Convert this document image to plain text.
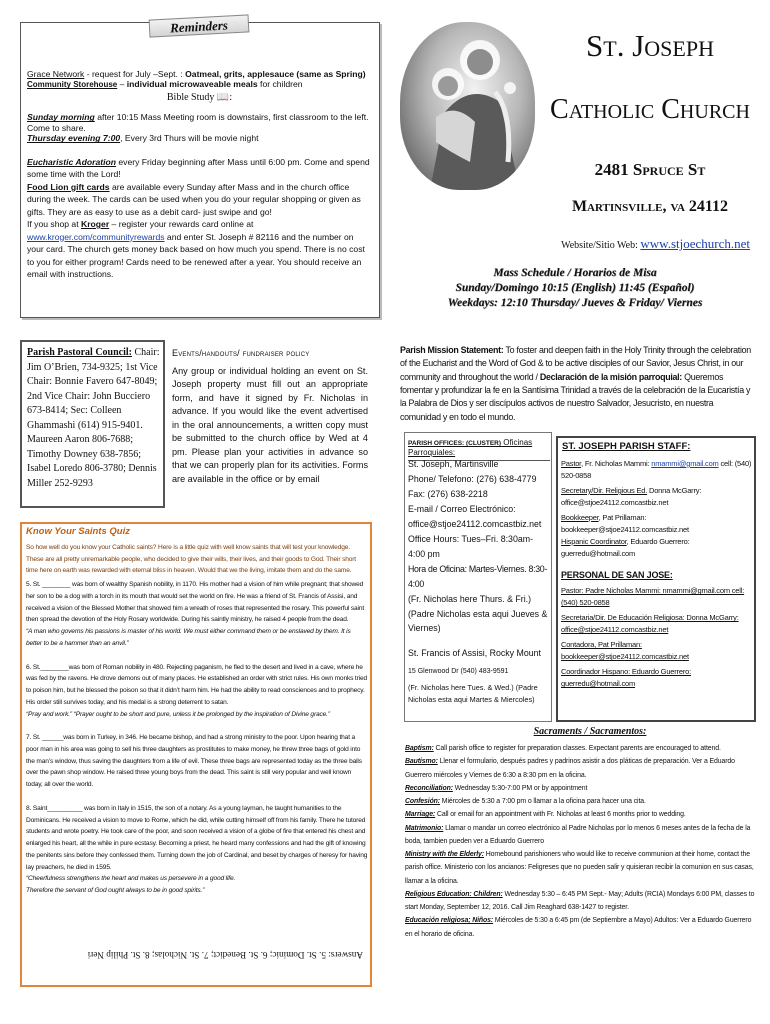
Reminders

Grace Network - request for July –Sept. : Oatmeal, grits, applesauce (same as Spring)

Community Storehouse – individual microwaveable meals for children

Bible Study 📖:

Sunday morning after 10:15 Mass Meeting room is downstairs, first classroom to the left. Come to share.

Thursday evening 7:00, Every 3rd Thurs will be movie night

Eucharistic Adoration every Friday beginning after Mass until 6:00 pm. Come and spend some time with the Lord!

Food Lion gift cards are available every Sunday after Mass and in the church office during the week. The cards can be used when you do your regular shopping or given as gifts. They are as easy to use as a debit card- just swipe and go!

If you shop at Kroger – register your rewards card online at www.kroger.com/communityrewards and enter St. Joseph # 82116 and the number on your card. The church gets money back based on how much you spend. There is no cost to you for either program! Cards need to be renewed after a year. You should receive an email with instructions.

St. Joseph
Catholic Church
2481 Spruce St
Martinsville, va 24112
Website/Sitio Web: www.stjoechurch.net
Mass Schedule / Horarios de Misa
Sunday/Domingo 10:15 (English) 11:45 (Español)
Weekdays: 12:10 Thursday/ Jueves & Friday/ Viernes
Parish Pastoral Council: Chair: Jim O’Brien, 734-9325; 1st Vice Chair: Bonnie Favero 647-8049; 2nd Vice Chair: John Bucciero 673-8414; Sec: Colleen Ghammashi (614) 915-9401. Maureen Aaron 806-7688; Timothy Downey 638-7856; Isabel Loredo 806-3780; Dennis Miller 252-9293
Events/handouts/ fundraiser policy
Any group or individual holding an event on St. Joseph property must fill out an appropriate form, and have it signed by Fr. Nicholas in advance. If you would like the event advertised in the oral announcements, a written copy must be submitted to the church office by Wed at 4 pm. Please plan your activities in advance so that we can properly plan for its activities. Forms are available in the office or by email
Parish Mission Statement: To foster and deepen faith in the Holy Trinity through the celebration of the Eucharist and the Word of God & to be active disciples of our Savior, Jesus Christ, in our community and throughout the world / Declaración de la misión parroquial: Queremos fomentar y profundizar la fe en la Santísima Trinidad a través de la celebración de la Eucaristía y la Palabra de Dios y ser discípulos activos de nuestro Salvador, Jesucristo, en nuestra comunidad y en todo el mundo.
PARISH OFFICES: (CLUSTER) Oficinas Parroquiales:
St. Joseph, Martinsville
Phone/ Telefono: (276) 638-4779 Fax: (276) 638-2218
E-mail / Correo Electrónico:
office@stjoe24112.comcastbiz.net
Office Hours: Tues–Fri. 8:30am-4:00 pm
Hora de Oficina: Martes-Viernes. 8:30-4:00
(Fr. Nicholas here Thurs. & Fri.) (Padre Nicholas esta aqui Jueves & Viernes)
St. Francis of Assisi, Rocky Mount
15 Glenwood Dr (540) 483-9591
(Fr. Nicholas here Tues. & Wed.) (Padre Nicholas esta aqui Martes & Miercoles)
ST. JOSEPH PARISH STAFF:

Pastor, Fr. Nicholas Mammi: nmammi@gmail.com cell: (540) 520-0858

Secretary/Dir. Religious Ed. Donna McGarry:

office@stjoe24112.comcastbiz.net

Bookkeeper, Pat Prillaman:

bookkeeper@stjoe24112.comcastbiz.net

Hispanic Coordinator, Eduardo Guerrero: guerredu@hotmail.com

PERSONAL DE SAN JOSE:

Pastor: Padre Nicholas Mammi: nmammi@gmail.com cell: (540) 520-0858

Secretaria/Dir. De Educación Religiosa: Donna McGarry: office@stjoe24112.comcastbiz.net

Contadora, Pat Prillaman: bookkeeper@stjoe24112.comcastbiz.net

Coordinador Hispano: Eduardo Guerrero: guerredu@hotmail.com

Know Your Saints Quiz

So how well do you know your Catholic saints? Here is a little quiz with well know saints that will test your knowledge. These are all pretty unremarkable people, who decided to give their wills, their lives, and their goods to God. Their short time here on earth was rewarded with eternal bliss in heaven. Would that we the living, imitate them and do the same.

5. St. ________ was born of wealthy Spanish nobility, in 1170. His mother had a vision of him while pregnant; that showed her son to be a dog with a torch in its mouth that would set the world on fire. He was a friend of St. Francis of Assisi, and received a vision of the Blessed Mother that showed him a wreath of roses that represented the rosary. This powerful saint then spread the devotion of the Holy Rosary worldwide. During his saintly ministry, he raised 4 people from the dead.

“A man who governs his passions is master of his world. We must either command them or be enslaved by them. It is better to be a hammer than an anvil.”

6. St.________was born of Roman nobility in 480. Rejecting paganism, he fled to the desert and lived in a cave, where he was fed by the ravens. He drove demons out of many places. He established an order with strict rules. His own monks tried to poison him, but he blessed the poison so that it didn’t harm him. He had the ability to read consciences and to prophecy. His order still survives today, and his medal is a strong deterrent to satan.

“Pray and work.” “Prayer ought to be short and pure, unless it be prolonged by the inspiration of Divine grace.”

7. St. ______was born in Turkey, in 346. He became bishop, and had a strong ministry to the poor. Upon hearing that a poor man in his area was going to sell his three daughters as prostitutes to make money, he threw three bags of gold into the man’s window, thus saving the daughters from a life of evil. These three bags are represented today as the three balls over the pawn shop window. He raised three young boys from the dead. This saint is still very popular and well known today, all over the world.

8. Saint__________ was born in Italy in 1515, the son of a notary. As a young layman, he taught humanities to the Dominicans. He received a vision to move to Rome, which he did, while cutting himself off from his family. There he tutored students and wrote poetry. He took care of the poor, and soon received a vision of a globe of fire that entered his chest and enlarged his heart, all the while in pure ecstasy. Becoming a priest, he heard many confessions and had the gift of knowing the penitents sins before they confessed them. Turning down the job of Cardinal, and beset by charges of heresy for having lay preachers, he died in 1595.

“Cheerfulness strengthens the heart and makes us persevere in a good life. Therefore the servant of God ought always to be in good spirits.”

Answers: 5. St. Dominic; 6. St. Benedict; 7. St. Nicholas; 8. St. Philip Neri
Sacraments / Sacramentos:

Baptism: Call parish office to register for preparation classes. Expectant parents are encouraged to attend.

Bautismo: Llenar el formulario, después padres y padrinos asistir a dos pláticas de preparación. Ver a Eduardo Guerrero miércoles y Viernes de 6:30 a 8:30 pm en la oficina.

Reconciliation: Wednesday 5:30-7:00 PM or by appointment

Confesión: Miércoles de 5:30 a 7:00 pm o llamar a la oficina para hacer una cita.

Marriage: Call or email for an appointment with Fr. Nicholas at least 6 months prior to wedding.

Matrimonio: Llamar o mandar un correo electrónico al Padre Nicholas por lo menos 6 meses antes de la fecha de la boda, tambien pueden ver a Eduardo Guerrero

Ministry with the Elderly: Homebound parishioners who would like to receive communion at their home, contact the parish office. Ministerio con los ancianos: Feligreses que no pueden salir y quisieran recibir la comunion en sus casas, llamar a la oficina.

Religious Education: Children: Wednesday 5:30 – 6:45 PM Sept.- May; Adults (RCIA) Mondays 6:00 PM, classes to start Monday, September 12, 2016. Call Jim Reaghard 638-1427 to register.

Educación religiosa; Niños: Miércoles de 5:30 a 6:45 pm (de Septiembre a Mayo) Adultos: Ver a Eduardo Guerrero en el horario de oficina.
